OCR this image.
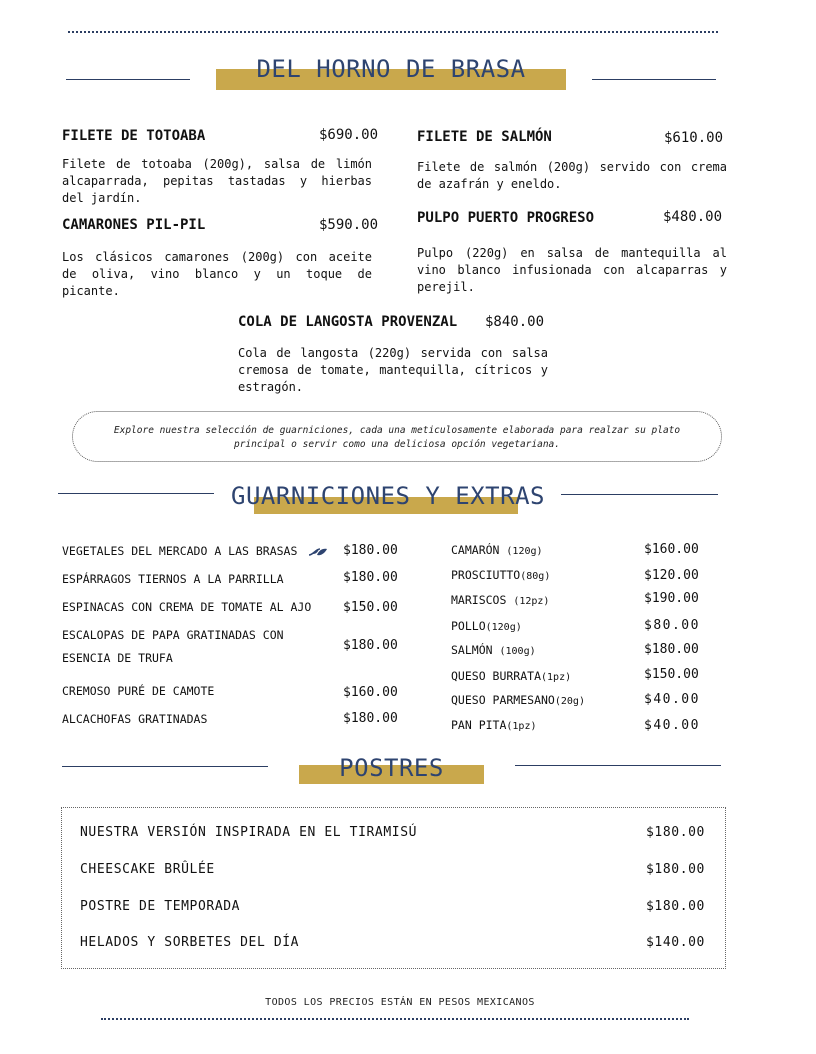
DEL HORNO DE BRASA
FILETE DE TOTOABA	$690.00
Filete de totoaba (200g), salsa de limón alcaparrada, pepitas tastadas y hierbas del jardín.
FILETE DE SALMÓN	$610.00
Filete de salmón (200g) servido con crema de azafrán y eneldo.
CAMARONES PIL-PIL	$590.00
Los clásicos camarones (200g) con aceite de oliva, vino blanco y un toque de picante.
PULPO PUERTO PROGRESO	$480.00
Pulpo (220g) en salsa de mantequilla al vino blanco infusionada con alcaparras y perejil.
COLA DE LANGOSTA PROVENZAL $840.00
Cola de langosta (220g) servida con salsa cremosa de tomate, mantequilla, cítricos y estragón.
Explore nuestra selección de guarniciones, cada una meticulosamente elaborada para realzar su plato principal o servir como una deliciosa opción vegetariana.
GUARNICIONES Y EXTRAS
VEGETALES DEL MERCADO A LAS BRASAS	$180.00
ESPÁRRAGOS TIERNOS A LA PARRILLA	$180.00
ESPINACAS CON CREMA DE TOMATE AL AJO $150.00
ESCALOPAS DE PAPA GRATINADAS CON
ESENCIA DE TRUFA
$180.00
CREMOSO PURÉ DE CAMOTE	$160.00
ALCACHOFAS GRATINADAS	$180.00
CAMARÓN (120g)	$160.00
PROSCIUTTO(80g)	$120.00
MARISCOS (12pz)	$190.00
POLLO(120g)	$80.00
SALMÓN (100g)	$180.00
QUESO BURRATA(1pz)	$150.00
QUESO PARMESANO(20g)	$40.00
PAN PITA(1pz)	$40.00
POSTRES
NUESTRA VERSIÓN INSPIRADA EN EL TIRAMISÚ	$180.00
CHEESCAKE BRÛLÉE	$180.00
POSTRE DE TEMPORADA	$180.00
HELADOS Y SORBETES DEL DÍA	$140.00
TODOS LOS PRECIOS ESTÁN EN PESOS MEXICANOS
